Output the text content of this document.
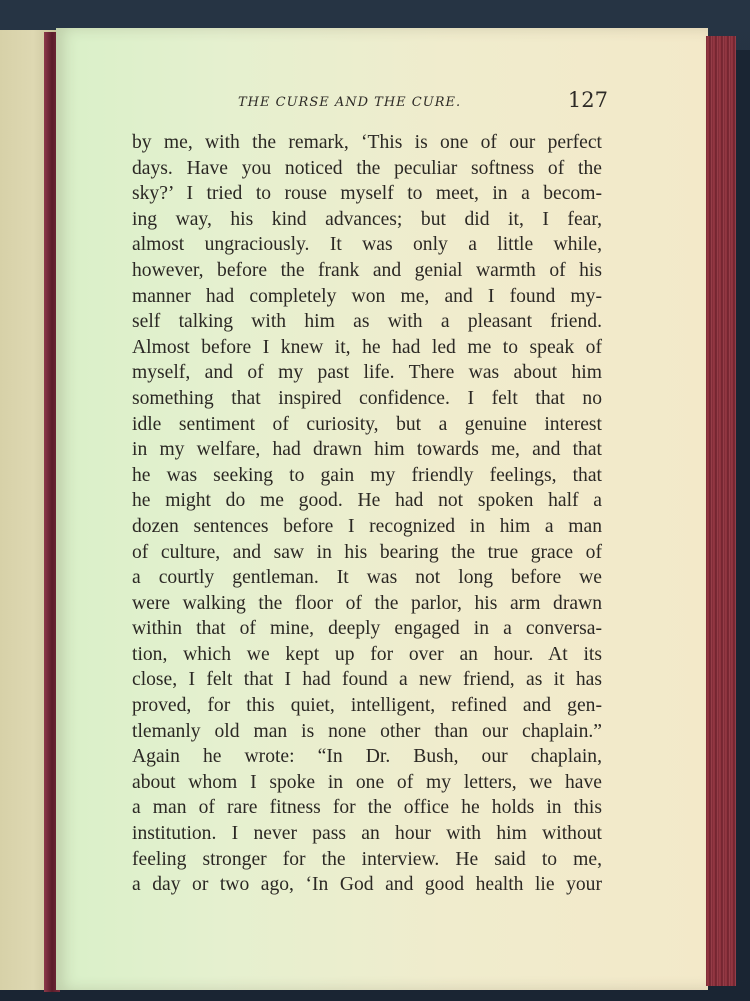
THE CURSE AND THE CURE.	127
by me, with the remark, ‘This is one of our perfect
days. Have you noticed the peculiar softness of the
sky?’ I tried to rouse myself to meet, in a becom-
ing way, his kind advances; but did it, I fear,
almost ungraciously. It was only a little while,
however, before the frank and genial warmth of his
manner had completely won me, and I found my-
self talking with him as with a pleasant friend.
Almost before I knew it, he had led me to speak of
myself, and of my past life. There was about him
something that inspired confidence. I felt that no
idle sentiment of curiosity, but a genuine interest
in my welfare, had drawn him towards me, and that
he was seeking to gain my friendly feelings, that
he might do me good. He had not spoken half a
dozen sentences before I recognized in him a man
of culture, and saw in his bearing the true grace of
a courtly gentleman. It was not long before we
were walking the floor of the parlor, his arm drawn
within that of mine, deeply engaged in a conversa-
tion, which we kept up for over an hour. At its
close, I felt that I had found a new friend, as it has
proved, for this quiet, intelligent, refined and gen-
tlemanly old man is none other than our chaplain.”
Again he wrote: “In Dr. Bush, our chaplain,
about whom I spoke in one of my letters, we have
a man of rare fitness for the office he holds in this
institution. I never pass an hour with him without
feeling stronger for the interview. He said to me,
a day or two ago, ‘In God and good health lie your
